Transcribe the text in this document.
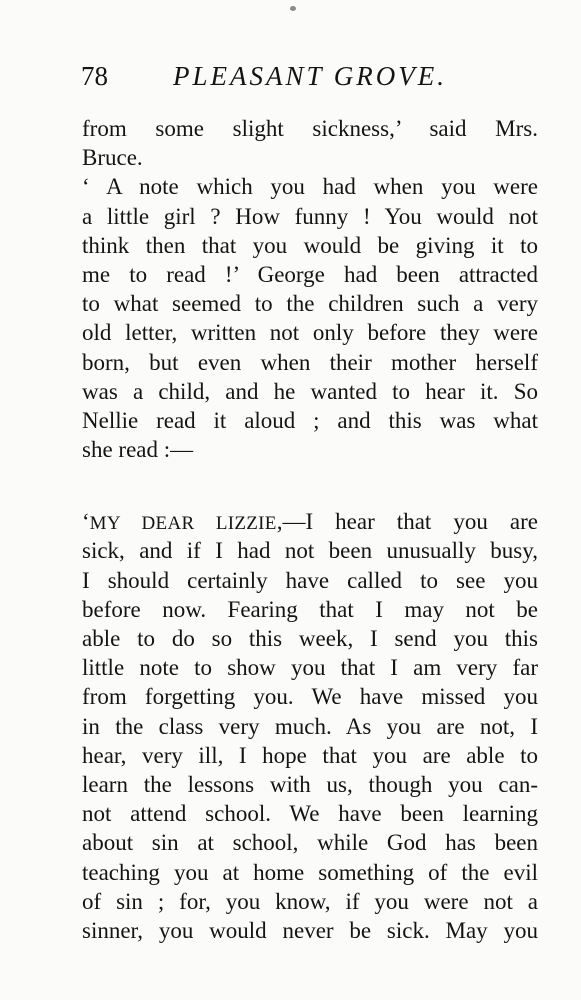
78 PLEASANT GROVE.
from some slight sickness,’ said Mrs.
Bruce.
‘ A note which you had when you were
a little girl ? How funny ! You would not
think then that you would be giving it to
me to read !’ George had been attracted
to what seemed to the children such a very
old letter, written not only before they were
born, but even when their mother herself
was a child, and he wanted to hear it. So
Nellie read it aloud ; and this was what
she read :—
‘MY DEAR LIZZIE,—I hear that you are
sick, and if I had not been unusually busy,
I should certainly have called to see you
before now. Fearing that I may not be
able to do so this week, I send you this
little note to show you that I am very far
from forgetting you. We have missed you
in the class very much. As you are not, I
hear, very ill, I hope that you are able to
learn the lessons with us, though you can-
not attend school. We have been learning
about sin at school, while God has been
teaching you at home something of the evil
of sin ; for, you know, if you were not a
sinner, you would never be sick. May you
